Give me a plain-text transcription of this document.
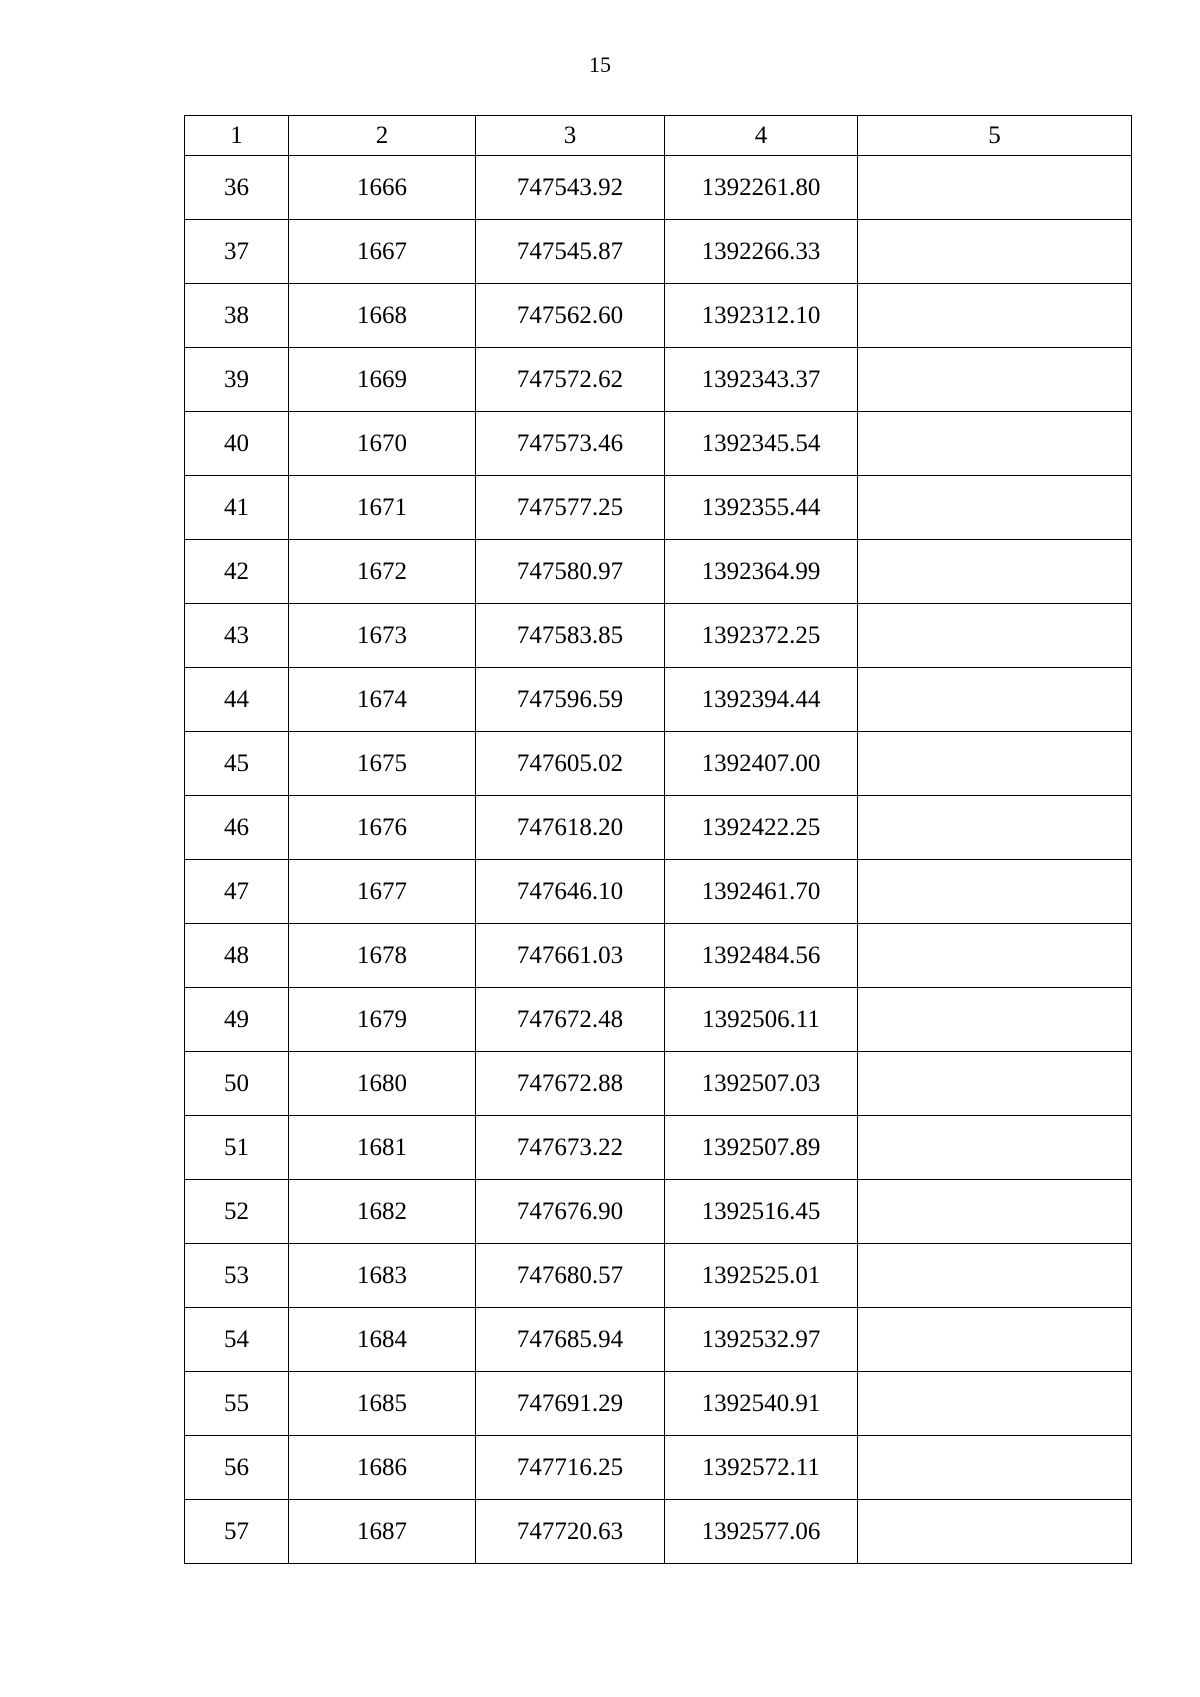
15
1	2	3	4	5
36	1666	747543.92	1392261.80	
37	1667	747545.87	1392266.33	
38	1668	747562.60	1392312.10	
39	1669	747572.62	1392343.37	
40	1670	747573.46	1392345.54	
41	1671	747577.25	1392355.44	
42	1672	747580.97	1392364.99	
43	1673	747583.85	1392372.25	
44	1674	747596.59	1392394.44	
45	1675	747605.02	1392407.00	
46	1676	747618.20	1392422.25	
47	1677	747646.10	1392461.70	
48	1678	747661.03	1392484.56	
49	1679	747672.48	1392506.11	
50	1680	747672.88	1392507.03	
51	1681	747673.22	1392507.89	
52	1682	747676.90	1392516.45	
53	1683	747680.57	1392525.01	
54	1684	747685.94	1392532.97	
55	1685	747691.29	1392540.91	
56	1686	747716.25	1392572.11	
57	1687	747720.63	1392577.06	
